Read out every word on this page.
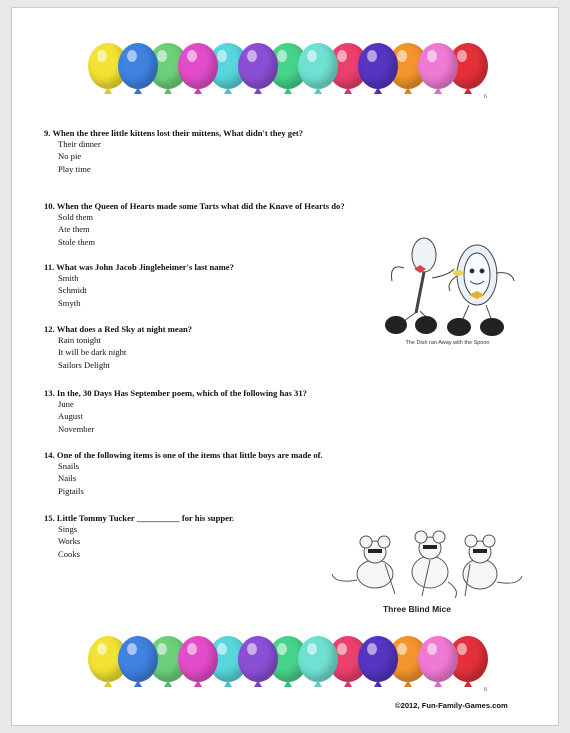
6
9. When the three little kittens lost their mittens, What didn't they get?
Their dinner
No pie
Play time
10. When the Queen of Hearts made some Tarts what did the Knave of Hearts do?
Sold them
Ate them
Stole them
11. What was John Jacob Jingleheimer's last name?
Smith
Schmidt
Smyth
12. What does a Red Sky at night mean?
Rain tonight
It will be dark night
Sailors Delight
13. In the, 30 Days Has September poem, which of the following has 31?
June
August
November
14. One of the following items is one of the items that little boys are made of.
Snails
Nails
Pigtails
15. Little Tommy Tucker __________ for his supper.
Sings
Works
Cooks
The Dish ran Away with the Spoon
Three Blind Mice
6
©2012, Fun-Family-Games.com
